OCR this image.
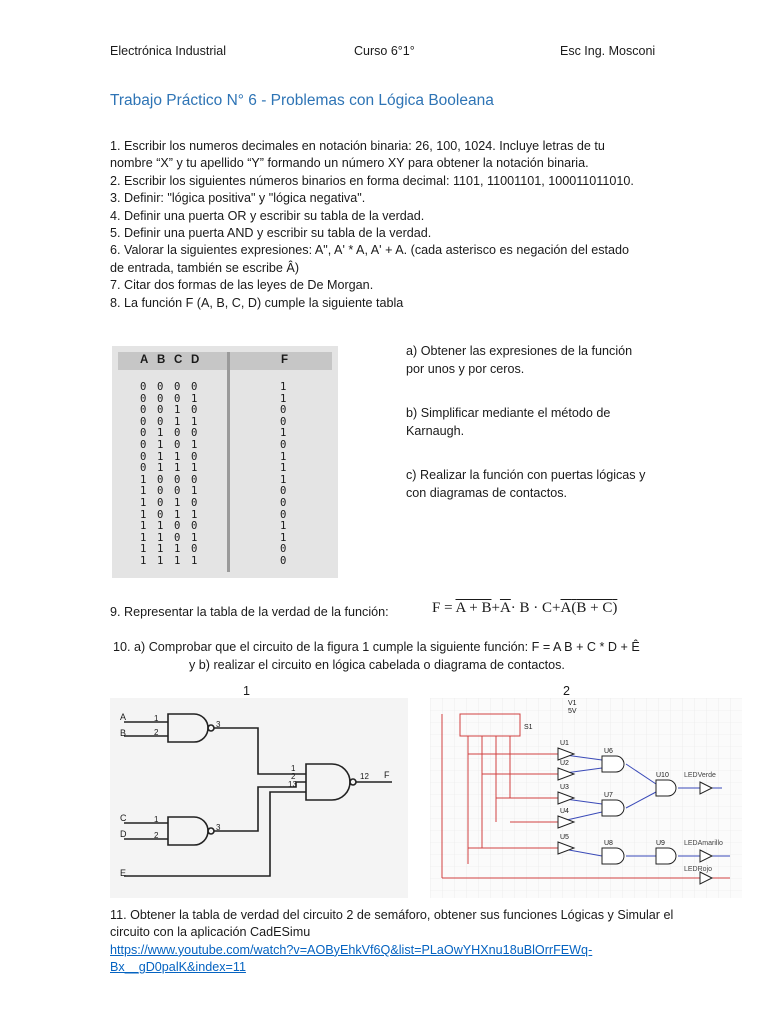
Electrónica Industrial	Curso 6°1°	Esc Ing. Mosconi
Trabajo Práctico N° 6 - Problemas con Lógica Booleana

1. Escribir los numeros decimales en notación binaria: 26, 100, 1024. Incluye letras de tu

nombre “X” y tu apellido “Y” formando un número XY para obtener la notación binaria.

2. Escribir los siguientes números binarios en forma decimal: 1101, 11001101, 100011011010.

3. Definir: "lógica positiva" y "lógica negativa".

4. Definir una puerta OR y escribir su tabla de la verdad.

5. Definir una puerta AND y escribir su tabla de la verdad.

6. Valorar la siguientes expresiones: A", A' * A, A' + A. (cada asterisco es negación del estado

de entrada, también se escribe Â)

7. Citar dos formas de las leyes de De Morgan.

8. La función F (A, B, C, D) cumple la siguiente tabla

A B C D	F
0 0 0 0	1
0 0 0 1	1
0 0 1 0	0
0 0 1 1	0
0 1 0 0	1
0 1 0 1	0
0 1 1 0	1
0 1 1 1	1
1 0 0 0	1
1 0 0 1	0
1 0 1 0	0
1 0 1 1	0
1 1 0 0	1
1 1 0 1	1
1 1 1 0	0
1 1 1 1	0

a) Obtener las expresiones de la función

por unos y por ceros.

b) Simplificar mediante el método de

Karnaugh.

c) Realizar la función con puertas lógicas y

con diagramas de contactos.

9. Representar la tabla de la verdad de la función:	$F = A + B+\overline{A}\cdot B \cdot C+A(B + C)$
10. a) Comprobar que el circuito de la figura 1 cumple la siguiente función: F = A B + C * D + Ê
y b) realizar el circuito en lógica cabelada o diagrama de contactos.
1	2
A
B
C
D
E
1
2
3
1
2
3
1
2
13
12 F
V1
5V
S1
U1
U2
U3
U4
U5
U6
U7
U8	U9
U10 LEDVerde
LEDAmarillo
LEDRojo
11. Obtener la tabla de verdad del circuito 2 de semáforo, obtener sus funciones Lógicas y Simular el
circuito con la aplicación CadESimu
https://www.youtube.com/watch?v=AOByEhkVf6Q&list=PLaOwYHXnu18uBlOrrFEWq-
Bx__gD0palK&index=11
